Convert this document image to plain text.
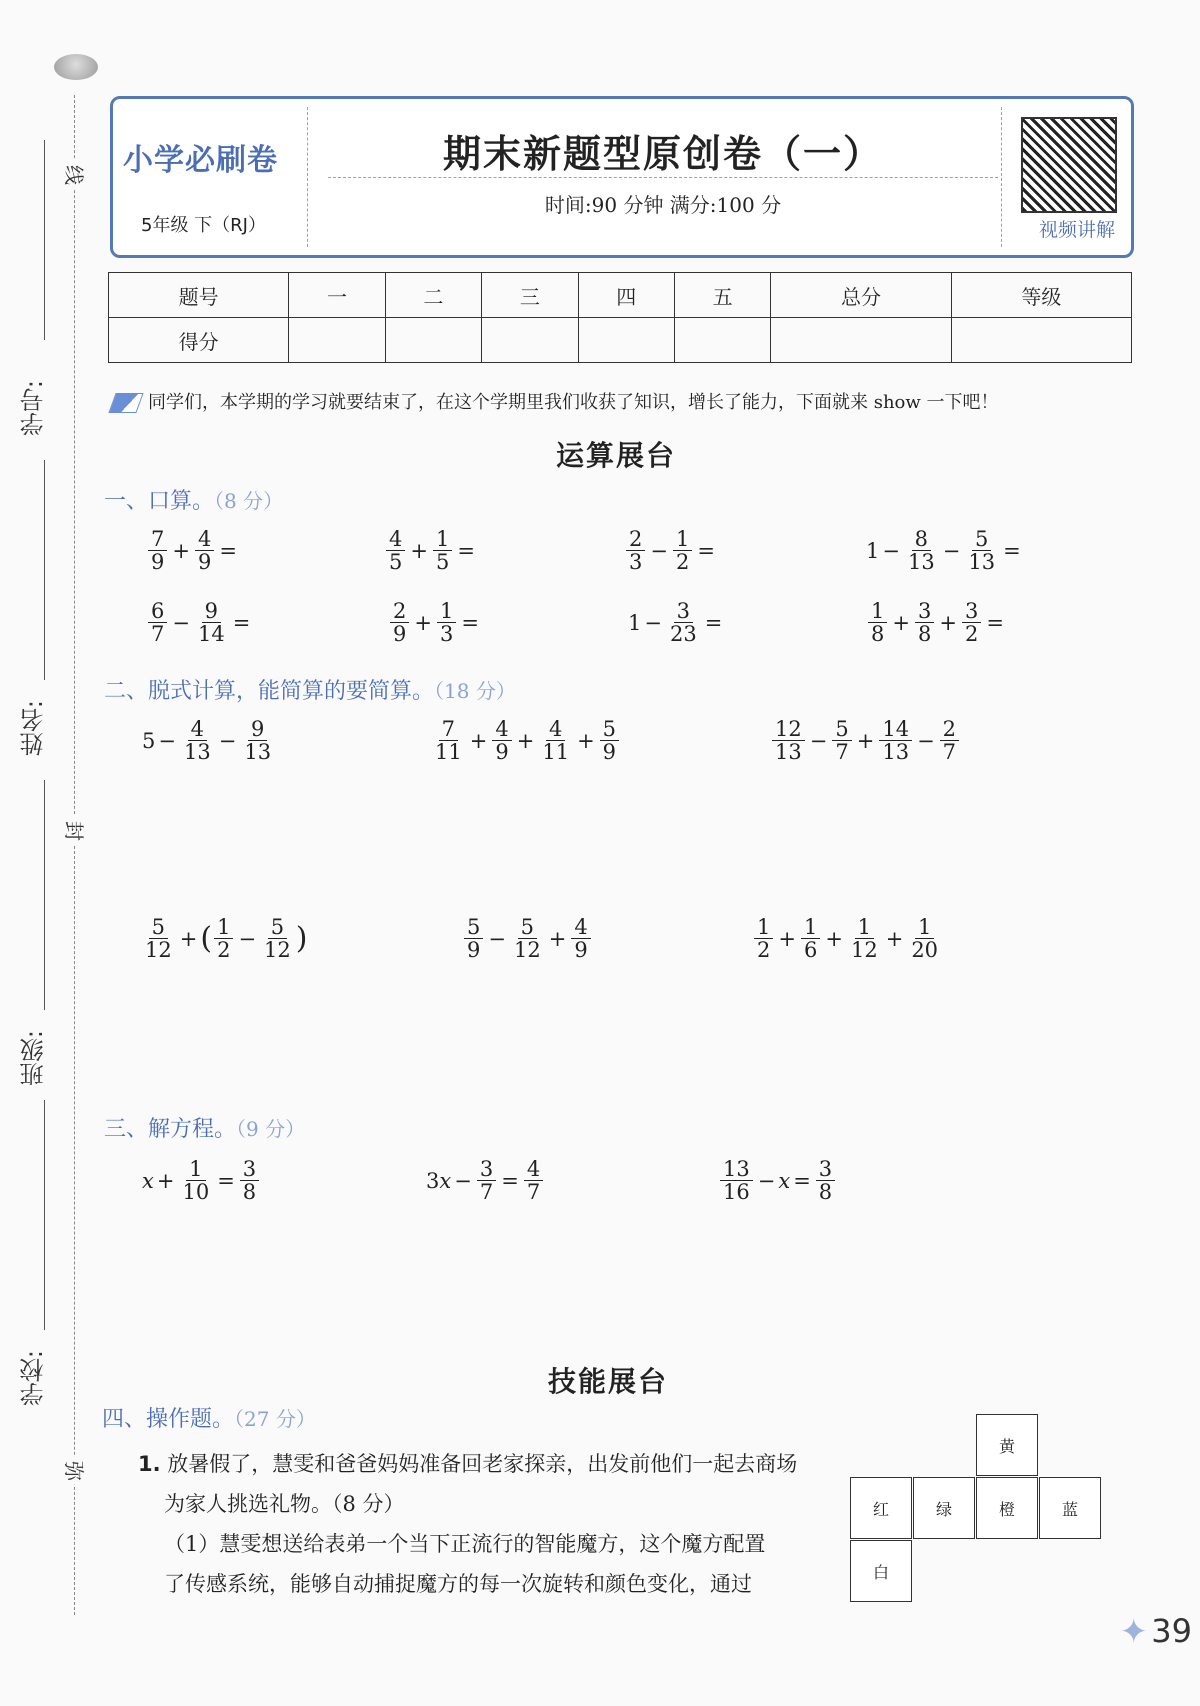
线
封
弥
学号:
姓名:
班级:
学校:
小学必刷卷
5年级 下（RJ）
期末新题型原创卷（一）
时间:90 分钟 满分:100 分
视频讲解
题号	一	二	三	四	五	总分	等级
得分							
同学们，本学期的学习就要结束了，在这个学期里我们收获了知识，增长了能力，下面就来 show 一下吧！
运算展台
一、口算。（8 分）
$\frac{7}{9} + \frac{4}{9}$ =	$\frac{4}{5} + \frac{1}{5}$ =	$\frac{2}{3} - \frac{1}{2}$ =	$1 - \frac{8}{13} - \frac{5}{13}$ =
$\frac{6}{7} - \frac{9}{14}$ =	$\frac{2}{9} + \frac{1}{3}$ =	$1 - \frac{3}{23}$ =	$\frac{1}{8} + \frac{3}{8} + \frac{3}{2}$ =
二、脱式计算，能简算的要简算。（18 分）
$5 - \frac{4}{13} - \frac{9}{13}$	$\frac{7}{11} + \frac{4}{9} + \frac{4}{11} + \frac{5}{9}$	$\frac{12}{13} - \frac{5}{7} + \frac{14}{13} - \frac{2}{7}$
$\frac{5}{12}$ + ( $\frac{1}{2} - \frac{5}{12}$ )	$\frac{5}{9} - \frac{5}{12} + \frac{4}{9}$	$\frac{1}{2} + \frac{1}{6} + \frac{1}{12} + \frac{1}{20}$
三、解方程。（9 分）
$x + \frac{1}{10} = \frac{3}{8}$	3 $x - \frac{3}{7} = \frac{4}{7}$	$\frac{13}{16} - x = \frac{3}{8}$
技能展台
四、操作题。（27 分）
1. 放暑假了，慧雯和爸爸妈妈准备回老家探亲，出发前他们一起去商场
为家人挑选礼物。（8 分）
（1）慧雯想送给表弟一个当下正流行的智能魔方，这个魔方配置
了传感系统，能够自动捕捉魔方的每一次旋转和颜色变化，通过
黄
红	绿	橙	蓝
白
✦ 39
